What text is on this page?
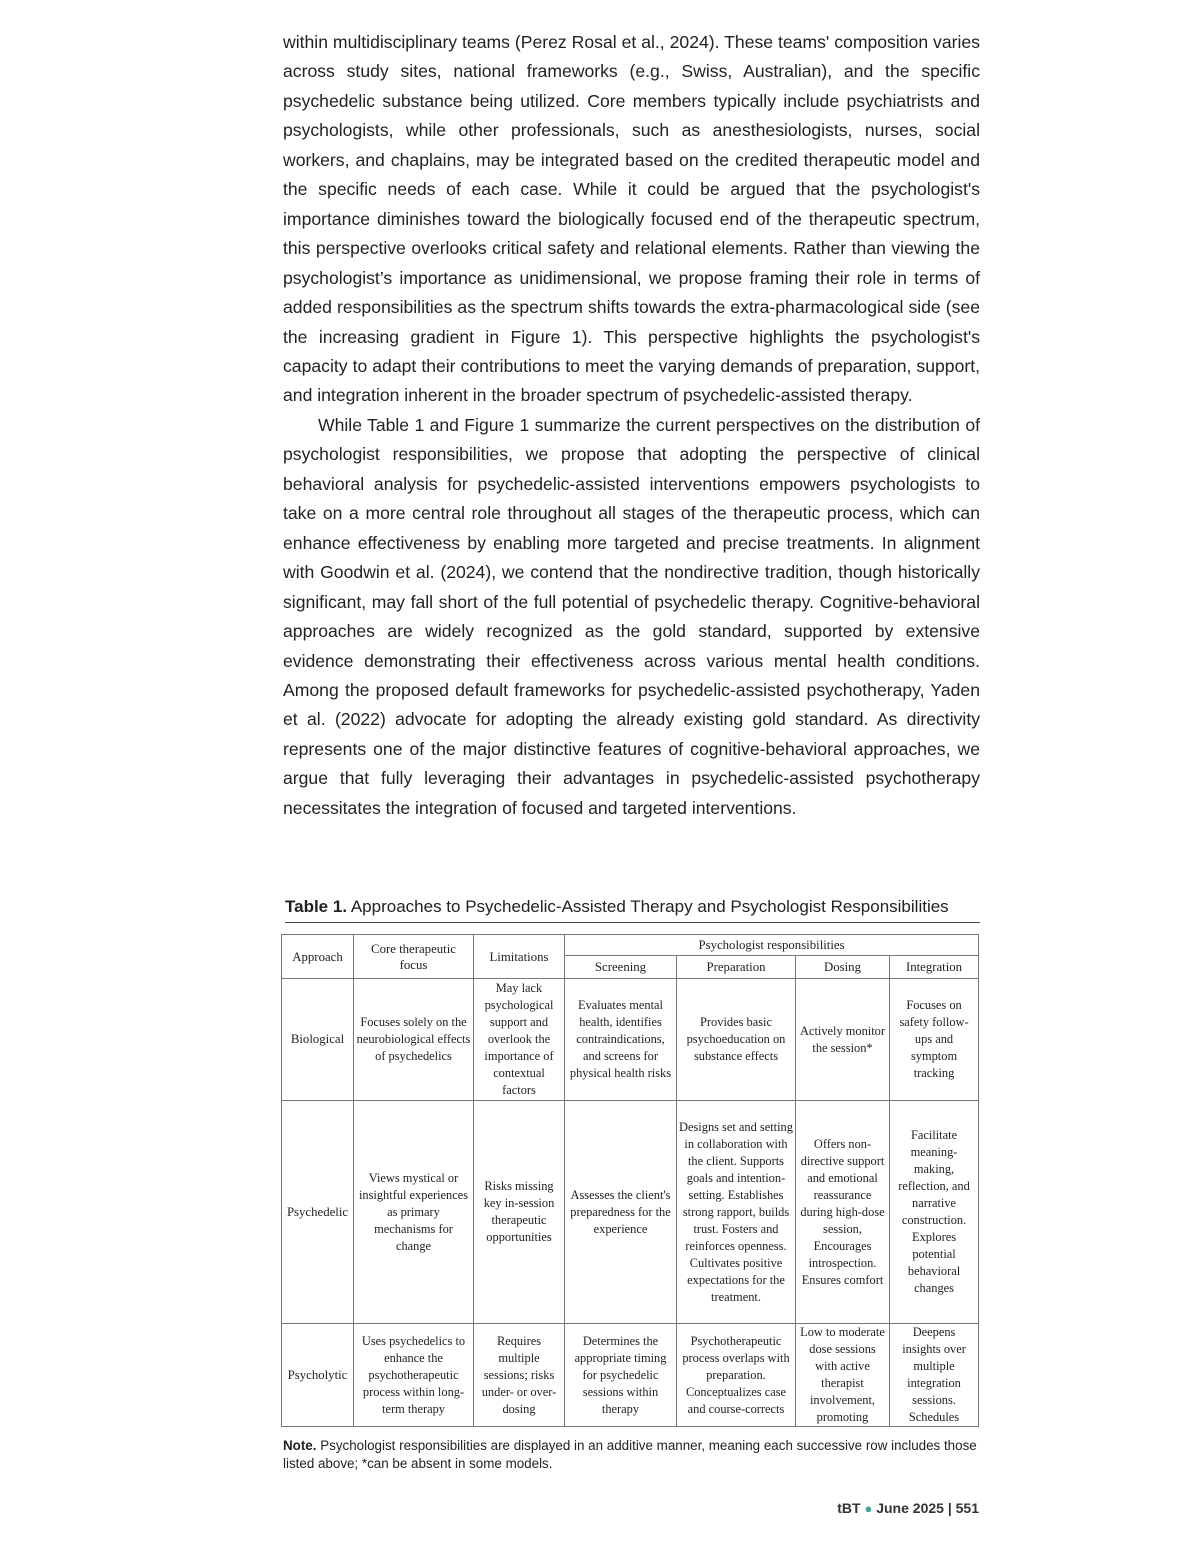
within multidisciplinary teams (Perez Rosal et al., 2024). These teams' composition varies across study sites, national frameworks (e.g., Swiss, Australian), and the specific psychedelic substance being utilized. Core members typically include psychiatrists and psychologists, while other professionals, such as anesthesiologists, nurses, social workers, and chaplains, may be integrated based on the credited therapeutic model and the specific needs of each case. While it could be argued that the psychologist's importance diminishes toward the biologically focused end of the therapeutic spectrum, this perspective overlooks critical safety and relational elements. Rather than viewing the psychologist’s importance as unidimensional, we propose framing their role in terms of added responsibilities as the spectrum shifts towards the extra-pharmacological side (see the increasing gradient in Figure 1). This perspective highlights the psychologist's capacity to adapt their contributions to meet the varying demands of preparation, support, and integration inherent in the broader spectrum of psychedelic-assisted therapy.

While Table 1 and Figure 1 summarize the current perspectives on the distribution of psychologist responsibilities, we propose that adopting the perspective of clinical behavioral analysis for psychedelic-assisted interventions empowers psychologists to take on a more central role throughout all stages of the therapeutic process, which can enhance effectiveness by enabling more targeted and precise treatments. In alignment with Goodwin et al. (2024), we contend that the nondirective tradition, though historically significant, may fall short of the full potential of psychedelic therapy. Cognitive-behavioral approaches are widely recognized as the gold standard, supported by extensive evidence demonstrating their effectiveness across various mental health conditions. Among the proposed default frameworks for psychedelic-assisted psychotherapy, Yaden et al. (2022) advocate for adopting the already existing gold standard. As directivity represents one of the major distinctive features of cognitive-behavioral approaches, we argue that fully leveraging their advantages in psychedelic-assisted psychotherapy necessitates the integration of focused and targeted interventions.

Table 1. Approaches to Psychedelic-Assisted Therapy and Psychologist Responsibilities
Approach	Core therapeutic focus	Limitations	Psychologist responsibilities			
			Screening	Preparation	Dosing	Integration
Biological	Focuses solely on the neurobiological effects of psychedelics	May lack psychological support and overlook the importance of contextual factors	Evaluates mental health, identifies contraindications, and screens for physical health risks	Provides basic psychoeducation on substance effects	Actively monitor the session*	Focuses on safety follow-ups and symptom tracking
Psychedelic	Views mystical or insightful experiences as primary mechanisms for change	Risks missing key in-session therapeutic opportunities	Assesses the client's preparedness for the experience	Designs set and setting in collaboration with the client. Supports goals and intention-setting. Establishes strong rapport, builds trust. Fosters and reinforces openness. Cultivates positive expectations for the treatment.	Offers non-directive support and emotional reassurance during high-dose session, Encourages introspection. Ensures comfort	Facilitate meaning-making, reflection, and narrative construction. Explores potential behavioral changes
Psycholytic	Uses psychedelics to enhance the psychotherapeutic process within long-term therapy	Requires multiple sessions; risks under- or over-dosing	Determines the appropriate timing for psychedelic sessions within therapy	Psychotherapeutic process overlaps with preparation. Conceptualizes case and course-corrects	Low to moderate dose sessions with active therapist involvement, promoting	Deepens insights over multiple integration sessions. Schedules
Note. Psychologist responsibilities are displayed in an additive manner, meaning each successive row includes those listed above; *can be absent in some models.
tBT ● June 2025 | 551
